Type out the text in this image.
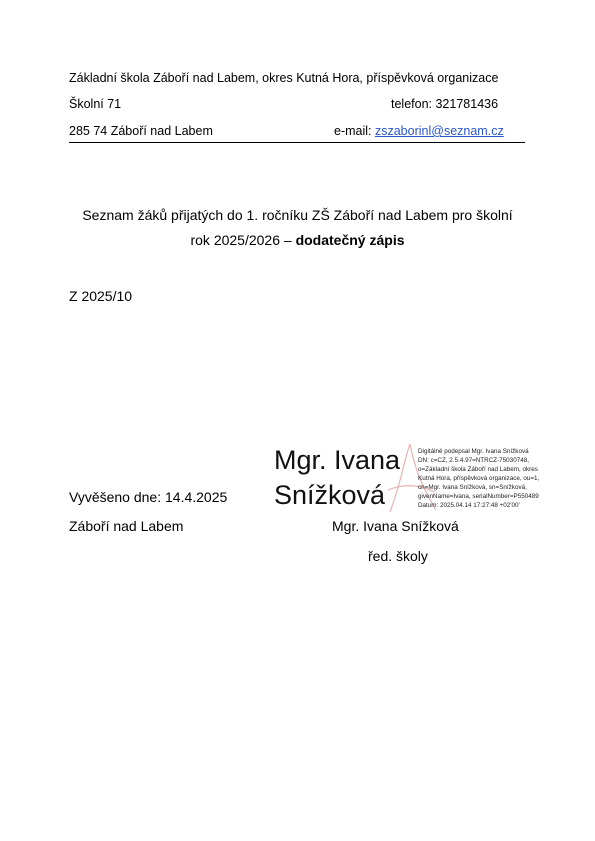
Základní škola Záboří nad Labem, okres Kutná Hora, příspěvková organizace
Školní 71	telefon: 321781436
285 74 Záboří nad Labem	e-mail: zszaborinl@seznam.cz
Seznam žáků přijatých do 1. ročníku ZŠ Záboří nad Labem pro školní
rok 2025/2026 – dodatečný zápis
Z 2025/10
Mgr. Ivana
Snížková
Digitálně podepsal Mgr. Ivana Snížková
DN: c=CZ, 2.5.4.97=NTRCZ-75030748,
o=Základní škola Záboří nad Labem, okres
Kutná Hora, příspěvková organizace, ou=1,
cn=Mgr. Ivana Snížková, sn=Snížková,
givenName=Ivana, serialNumber=P550489
Datum: 2025.04.14 17:27:48 +02'00'
Vyvěšeno dne: 14.4.2025
Záboří nad Labem	Mgr. Ivana Snížková
řed. školy
